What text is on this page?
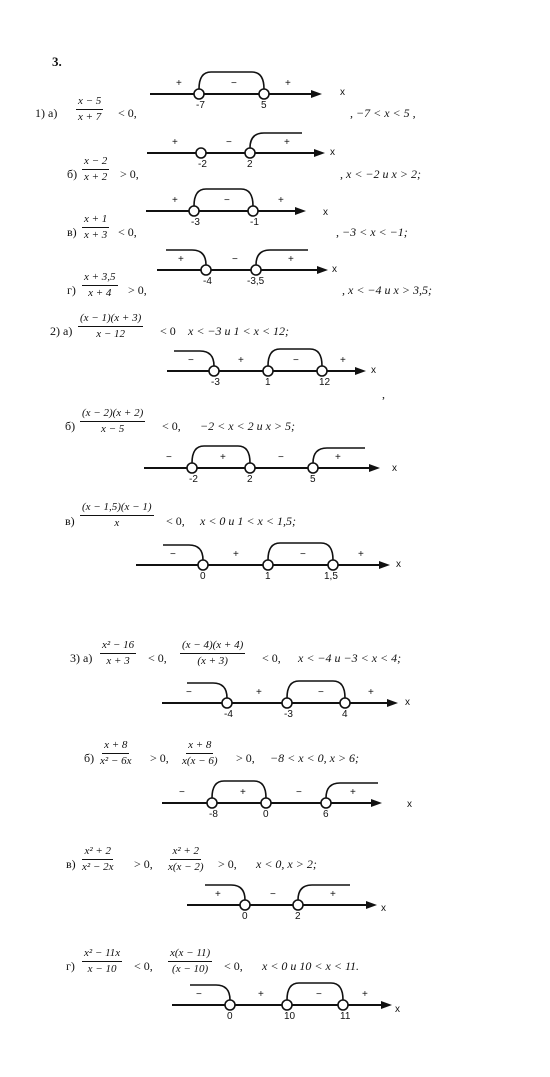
3.
1) $а) \frac{x - 5}{x + 7} < 0$,	, −7 < x < 5 ,
$б) \frac{x - 2}{x + 2} > 0$,	, x < −2 и x > 2;
$в) \frac{x + 1}{x + 3} < 0$,	, −3 < x < −1;
$г) \frac{x + 3,5}{x + 4} > 0$,	, x < −4 и x > 3,5;
2) $а) \frac{(x - 1)(x + 3)}{x - 12} < 0$ x < −3 и 1 < x < 12;
,
$б) \frac{(x - 2)(x + 2)}{x - 5} < 0$, −2 < x < 2 и x > 5;
$в) \frac{(x - 1,5)(x - 1)}{x} < 0$, x < 0 и 1 < x < 1,5;
3) $а) \frac{\text{x² − 16}}{x + 3} < 0$, $\frac{(x - 4)(x + 4)}{(x + 3)} < 0$, x < −4 и −3 < x < 4;
$б) \frac{x + 8}{\text{x² − 6x}} > 0$, $\frac{x + 8}{x(x - 6)} > 0$, −8 < x < 0, x > 6;
$в) \frac{\text{x² + 2}}{\text{x² − 2x}} > 0$, $\frac{\text{x² + 2}}{x(x - 2)} > 0$, x < 0, x > 2;
$г) \frac{\text{x² − 11x}}{x - 10} < 0$, $\frac{x(x - 11)}{(x - 10)} < 0$, x < 0 и 10 < x < 11.
-7	5
+	−	+
x
-2	2
+	−	+
x
-3	-1
+	−	+
x
-4	-3,5
+	−	+
x
-3	1	12
−	+	−	+
x
-2	2	5
−	+	−	+
x
0	1	1,5
−	+	−	+
x
-4	-3	4
−	+	−	+
x
-8	0	6
−	+	−	+
x
0	2
+	−	+
x
0	10	11
−	+	−	+
x
